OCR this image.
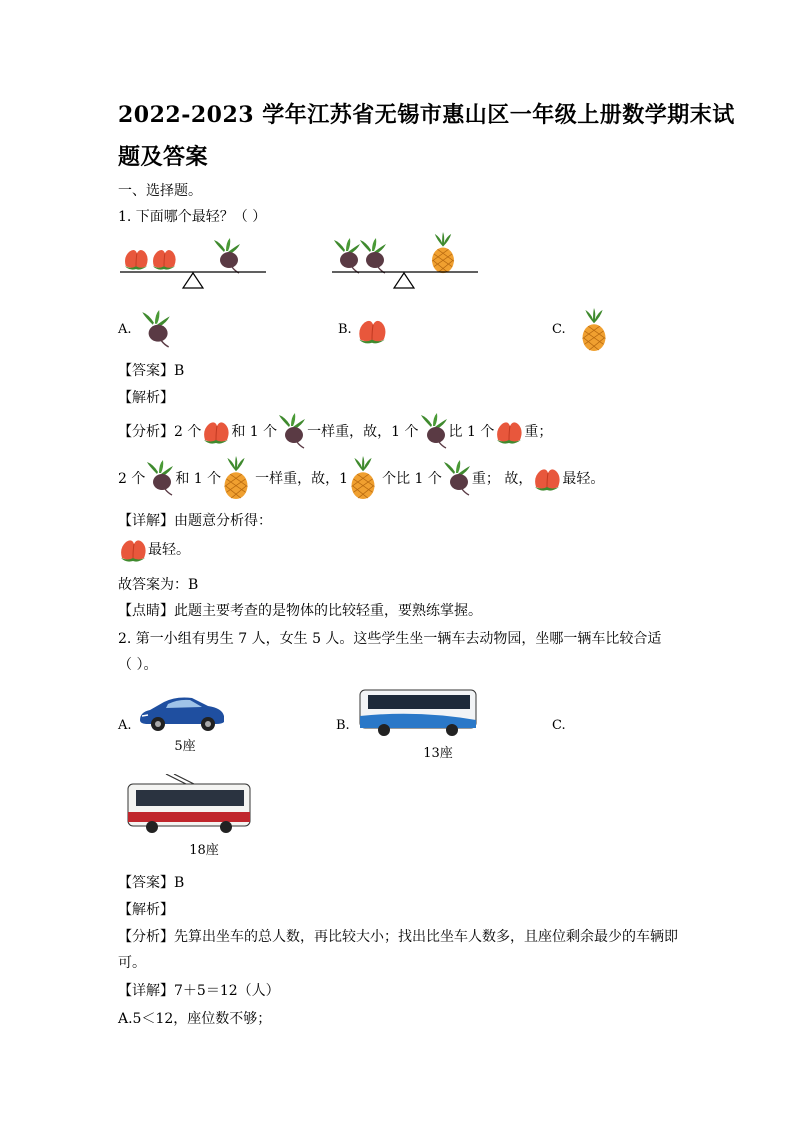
2022-2023 学年江苏省无锡市惠山区一年级上册数学期末试
题及答案
一、选择题。
1. 下面哪个最轻？（ ）
A.	B.	C.
【答案】B
【解析】
【分析】2 个 和 1 个 一样重，故，1 个 比 1 个 重；
2 个 和 1 个 一样重，故，1 个比 1 个 重； 故， 最轻。
【详解】由题意分析得：
最轻。
故答案为：B
【点睛】此题主要考查的是物体的比较轻重，要熟练掌握。
2. 第一小组有男生 7 人，女生 5 人。这些学生坐一辆车去动物园，坐哪一辆车比较合适
（ ）。
A.
5座
B.
13座
C.
18座
【答案】B
【解析】
【分析】先算出坐车的总人数，再比较大小；找出比坐车人数多，且座位剩余最少的车辆即
可。
【详解】7＋5＝12（人）
A.5＜12，座位数不够；
